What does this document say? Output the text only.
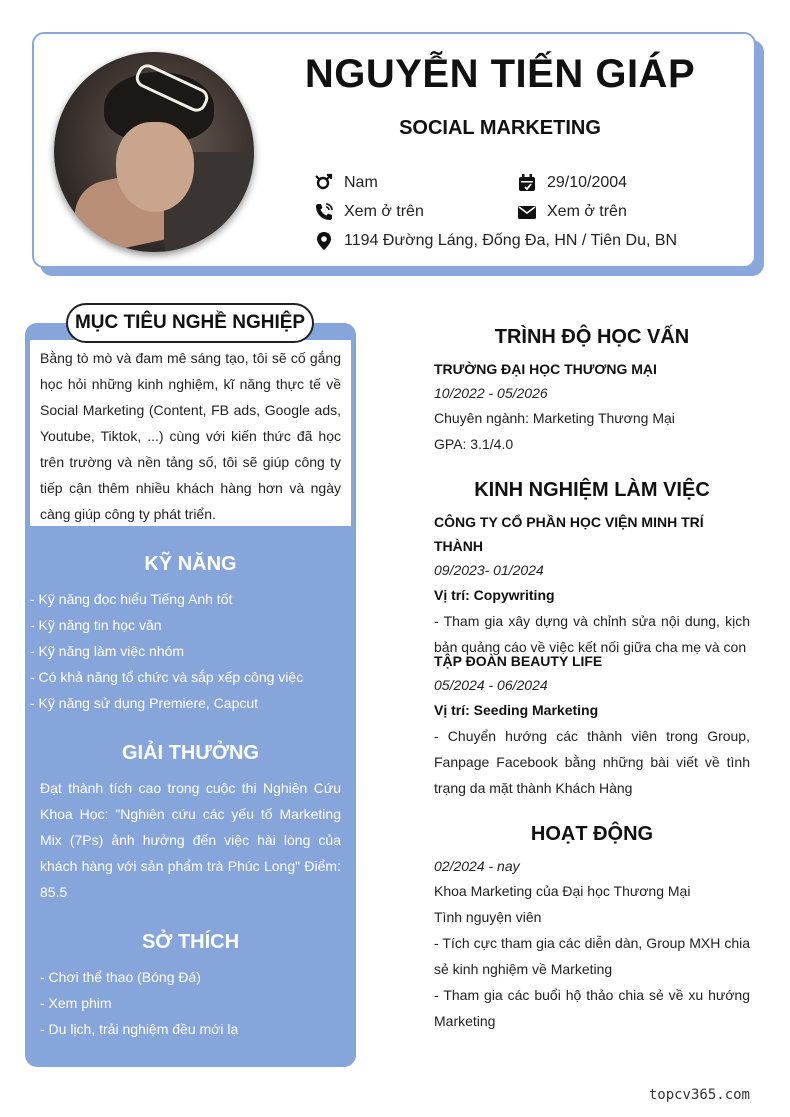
NGUYỄN TIẾN GIÁP
SOCIAL MARKETING
Nam	29/10/2004
Xem ở trên	Xem ở trên
1194 Đường Láng, Đống Đa, HN / Tiên Du, BN
MỤC TIÊU NGHỀ NGHIỆP
Bằng tò mò và đam mê sáng tạo, tôi sẽ cố gắng học hỏi những kinh nghiệm, kĩ năng thực tế về Social Marketing (Content, FB ads, Google ads, Youtube, Tiktok, ...) cùng với kiến thức đã học trên trường và nền tảng số, tôi sẽ giúp công ty tiếp cận thêm nhiều khách hàng hơn và ngày càng giúp công ty phát triển.
KỸ NĂNG
- Kỹ năng đọc hiểu Tiếng Anh tốt
- Kỹ năng tin học văn
- Kỹ năng làm việc nhóm
- Có khả năng tổ chức và sắp xếp công việc
- Kỹ năng sử dụng Premiere, Capcut
GIẢI THƯỞNG
Đạt thành tích cao trong cuộc thi Nghiên Cứu Khoa Học: "Nghiên cứu các yếu tố Marketing Mix (7Ps) ảnh hưởng đến việc hài lòng của khách hàng với sản phẩm trà Phúc Long" Điểm: 85.5
SỞ THÍCH
- Chơi thể thao (Bóng Đá)
- Xem phim
- Du lịch, trải nghiệm đều mới lạ
TRÌNH ĐỘ HỌC VẤN
TRƯỜNG ĐẠI HỌC THƯƠNG MẠI
10/2022 - 05/2026
Chuyên ngành: Marketing Thương Mại
GPA: 3.1/4.0
KINH NGHIỆM LÀM VIỆC
CÔNG TY CỔ PHẦN HỌC VIỆN MINH TRÍ THÀNH
09/2023- 01/2024
Vị trí: Copywriting
- Tham gia xây dựng và chỉnh sửa nội dung, kịch bản quảng cáo về việc kết nối giữa cha mẹ và con
TẬP ĐOÀN BEAUTY LIFE
05/2024 - 06/2024
Vị trí: Seeding Marketing
- Chuyển hướng các thành viên trong Group, Fanpage Facebook bằng những bài viết về tình trạng da mặt thành Khách Hàng
HOẠT ĐỘNG
02/2024 - nay
Khoa Marketing của Đại học Thương Mại
Tình nguyện viên
- Tích cực tham gia các diễn dàn, Group MXH chia sẻ kinh nghiệm về Marketing
- Tham gia các buổi hộ thảo chia sẻ về xu hướng Marketing
topcv365.com
